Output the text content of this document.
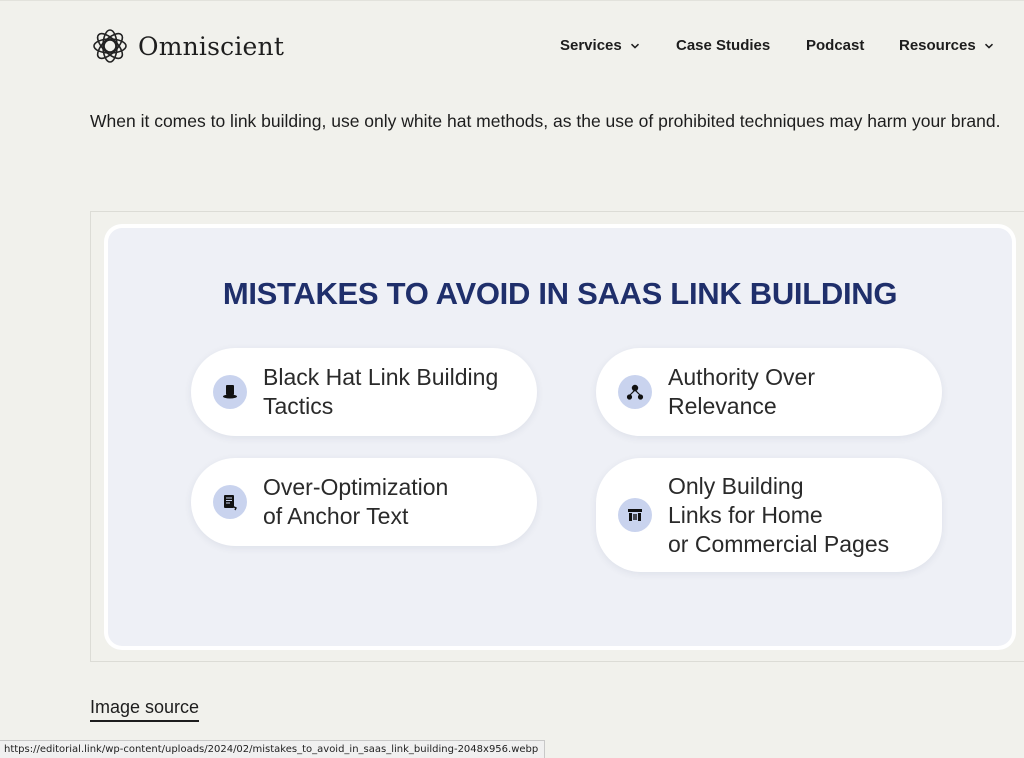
Omniscient	Services	Case Studies Podcast Resources

When it comes to link building, use only white hat methods, as the use of prohibited techniques may harm your brand.

MISTAKES TO AVOID IN SAAS LINK BUILDING
Black Hat Link Building
Tactics
Authority Over
Relevance
Over-Optimization
of Anchor Text
Only Building
Links for Home
or Commercial Pages
Image source
https://editorial.link/wp-content/uploads/2024/02/mistakes_to_avoid_in_saas_link_building-2048x956.webp
